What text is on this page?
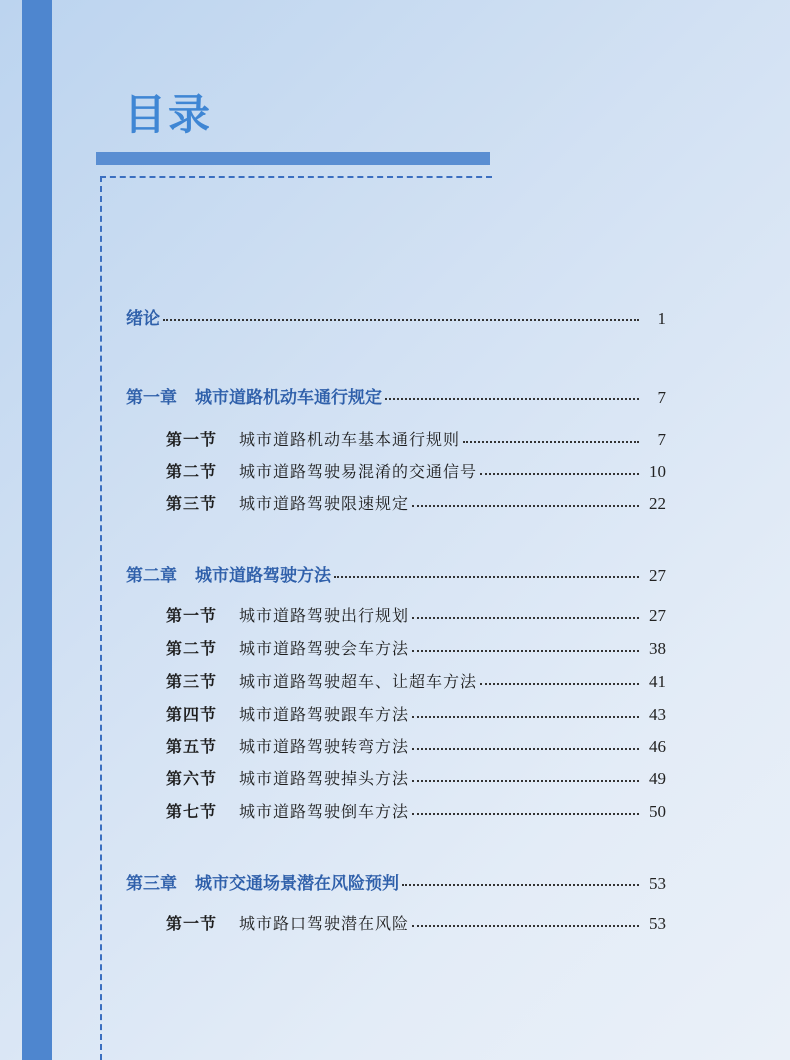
目录
绪论	1
第一章 城市道路机动车通行规定	7
第一节 城市道路机动车基本通行规则	7
第二节 城市道路驾驶易混淆的交通信号	10
第三节 城市道路驾驶限速规定	22
第二章 城市道路驾驶方法	27
第一节 城市道路驾驶出行规划	27
第二节 城市道路驾驶会车方法	38
第三节 城市道路驾驶超车、让超车方法	41
第四节 城市道路驾驶跟车方法	43
第五节 城市道路驾驶转弯方法	46
第六节 城市道路驾驶掉头方法	49
第七节 城市道路驾驶倒车方法	50
第三章 城市交通场景潜在风险预判	53
第一节 城市路口驾驶潜在风险	53
